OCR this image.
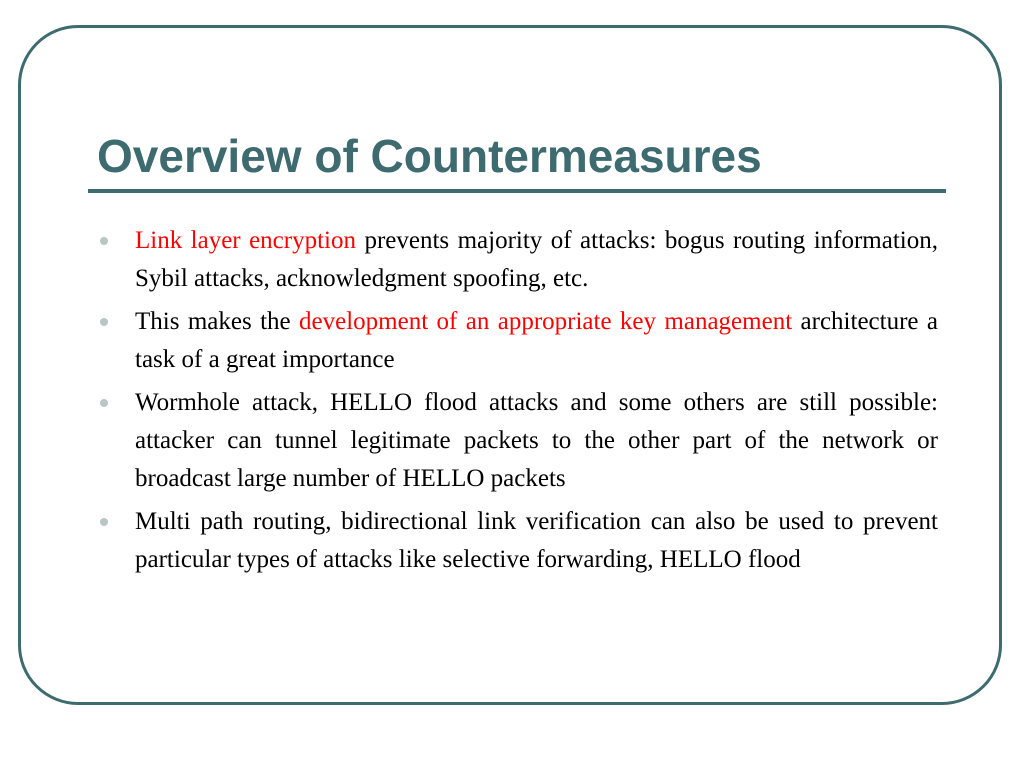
Overview of Countermeasures
Link layer encryption prevents majority of attacks: bogus routing information, Sybil attacks, acknowledgment spoofing, etc.
This makes the development of an appropriate key management architecture a task of a great importance
Wormhole attack, HELLO flood attacks and some others are still possible: attacker can tunnel legitimate packets to the other part of the network or broadcast large number of HELLO packets
Multi path routing, bidirectional link verification can also be used to prevent particular types of attacks like selective forwarding, HELLO flood
